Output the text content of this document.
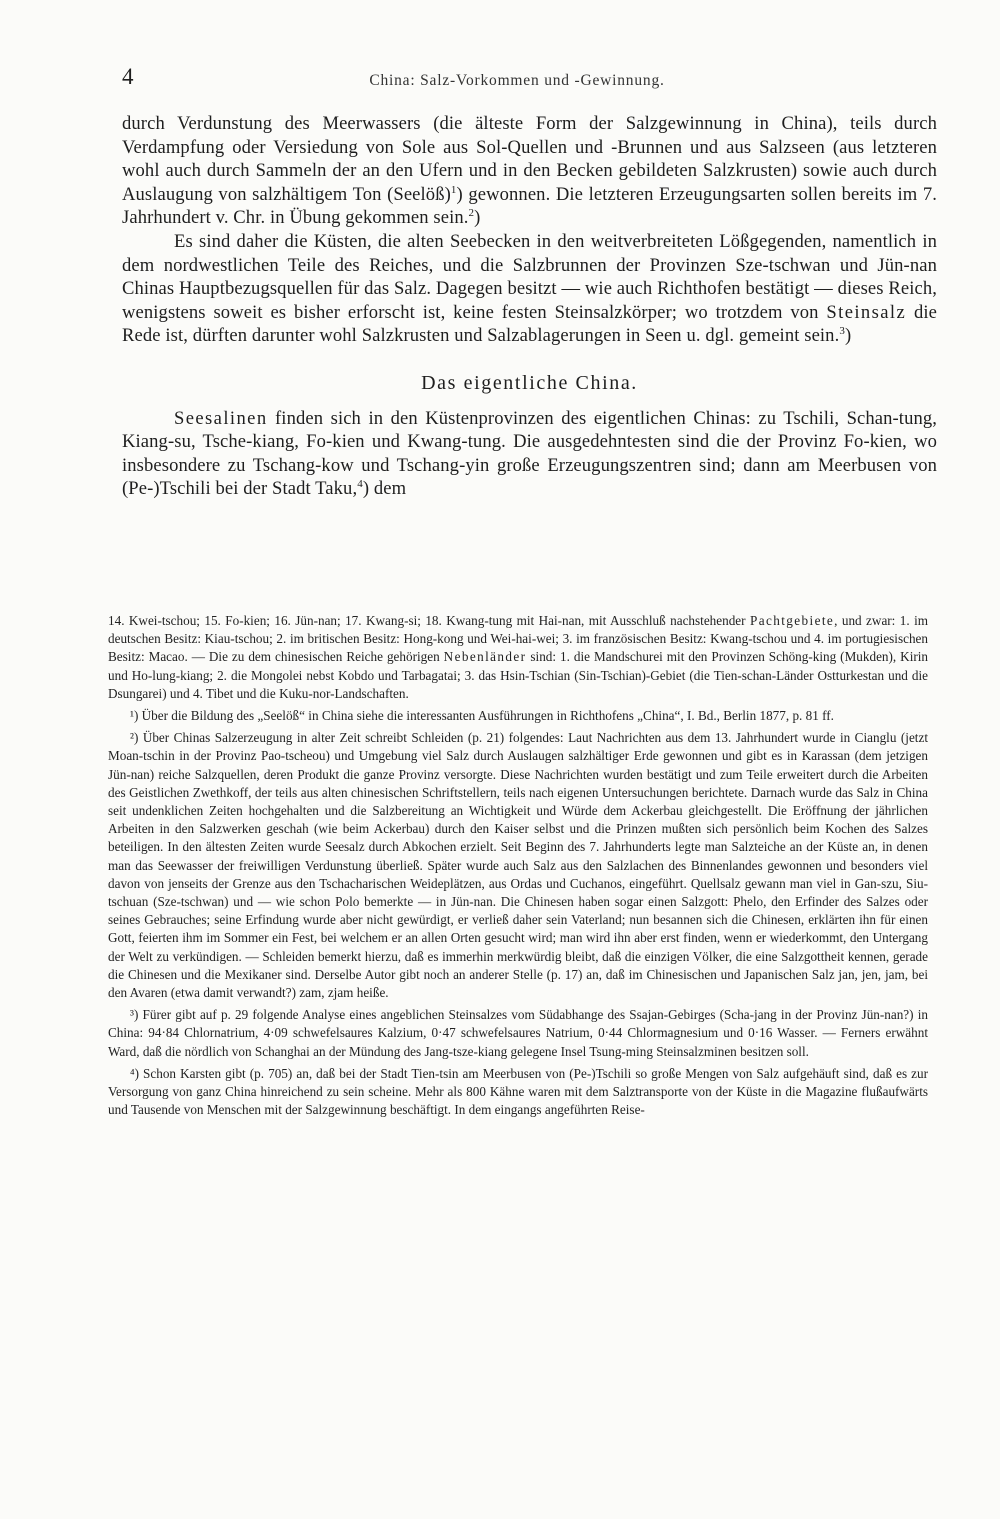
4	China: Salz-Vorkommen und -Gewinnung.

durch Verdunstung des Meerwassers (die älteste Form der Salzgewinnung in China), teils durch Verdampfung oder Versiedung von Sole aus Sol-Quellen und -Brunnen und aus Salzseen (aus letzteren wohl auch durch Sammeln der an den Ufern und in den Becken gebildeten Salzkrusten) sowie auch durch Auslaugung von salzhältigem Ton (Seelöß)$^1$) gewonnen. Die letzteren Erzeugungsarten sollen bereits im 7. Jahrhundert v. Chr. in Übung gekommen sein.$^2$)

Es sind daher die Küsten, die alten Seebecken in den weitverbreiteten Lößgegenden, namentlich in dem nordwestlichen Teile des Reiches, und die Salzbrunnen der Provinzen Sze-tschwan und Jün-nan Chinas Hauptbezugsquellen für das Salz. Dagegen besitzt — wie auch Richthofen bestätigt — dieses Reich, wenigstens soweit es bisher erforscht ist, keine festen Steinsalzkörper; wo trotzdem von Steinsalz die Rede ist, dürften darunter wohl Salzkrusten und Salzablagerungen in Seen u. dgl. gemeint sein.$^3$)

Das eigentliche China.

Seesalinen finden sich in den Küstenprovinzen des eigentlichen Chinas: zu Tschili, Schan-tung, Kiang-su, Tsche-kiang, Fo-kien und Kwang-tung. Die ausgedehntesten sind die der Provinz Fo-kien, wo insbesondere zu Tschang-kow und Tschang-yin große Erzeugungszentren sind; dann am Meerbusen von (Pe-)Tschili bei der Stadt Taku,$^4$) dem

14. Kwei-tschou; 15. Fo-kien; 16. Jün-nan; 17. Kwang-si; 18. Kwang-tung mit Hai-nan, mit Ausschluß nachstehender Pachtgebiete, und zwar: 1. im deutschen Besitz: Kiau-tschou; 2. im britischen Besitz: Hong-kong und Wei-hai-wei; 3. im französischen Besitz: Kwang-tschou und 4. im portugiesischen Besitz: Macao. — Die zu dem chinesischen Reiche gehörigen Nebenländer sind: 1. die Mandschurei mit den Provinzen Schöng-king (Mukden), Kirin und Ho-lung-kiang; 2. die Mongolei nebst Kobdo und Tarbagatai; 3. das Hsin-Tschian (Sin-Tschian)-Gebiet (die Tien-schan-Länder Ostturkestan und die Dsungarei) und 4. Tibet und die Kuku-nor-Landschaften.

¹) Über die Bildung des „Seelöß“ in China siehe die interessanten Ausführungen in Richthofens „China“, I. Bd., Berlin 1877, p. 81 ff.

²) Über Chinas Salzerzeugung in alter Zeit schreibt Schleiden (p. 21) folgendes: Laut Nachrichten aus dem 13. Jahrhundert wurde in Cianglu (jetzt Moan-tschin in der Provinz Pao-tscheou) und Umgebung viel Salz durch Auslaugen salzhältiger Erde gewonnen und gibt es in Karassan (dem jetzigen Jün-nan) reiche Salzquellen, deren Produkt die ganze Provinz versorgte. Diese Nachrichten wurden bestätigt und zum Teile erweitert durch die Arbeiten des Geistlichen Zwethkoff, der teils aus alten chinesischen Schriftstellern, teils nach eigenen Untersuchungen berichtete. Darnach wurde das Salz in China seit undenklichen Zeiten hochgehalten und die Salzbereitung an Wichtigkeit und Würde dem Ackerbau gleichgestellt. Die Eröffnung der jährlichen Arbeiten in den Salzwerken geschah (wie beim Ackerbau) durch den Kaiser selbst und die Prinzen mußten sich persönlich beim Kochen des Salzes beteiligen. In den ältesten Zeiten wurde Seesalz durch Abkochen erzielt. Seit Beginn des 7. Jahrhunderts legte man Salzteiche an der Küste an, in denen man das Seewasser der freiwilligen Verdunstung überließ. Später wurde auch Salz aus den Salzlachen des Binnenlandes gewonnen und besonders viel davon von jenseits der Grenze aus den Tschacharischen Weideplätzen, aus Ordas und Cuchanos, eingeführt. Quellsalz gewann man viel in Gan-szu, Siu-tschuan (Sze-tschwan) und — wie schon Polo bemerkte — in Jün-nan. Die Chinesen haben sogar einen Salzgott: Phelo, den Erfinder des Salzes oder seines Gebrauches; seine Erfindung wurde aber nicht gewürdigt, er verließ daher sein Vaterland; nun besannen sich die Chinesen, erklärten ihn für einen Gott, feierten ihm im Sommer ein Fest, bei welchem er an allen Orten gesucht wird; man wird ihn aber erst finden, wenn er wiederkommt, den Untergang der Welt zu verkündigen. — Schleiden bemerkt hierzu, daß es immerhin merkwürdig bleibt, daß die einzigen Völker, die eine Salzgottheit kennen, gerade die Chinesen und die Mexikaner sind. Derselbe Autor gibt noch an anderer Stelle (p. 17) an, daß im Chinesischen und Japanischen Salz jan, jen, jam, bei den Avaren (etwa damit verwandt?) zam, zjam heiße.

³) Fürer gibt auf p. 29 folgende Analyse eines angeblichen Steinsalzes vom Südabhange des Ssajan-Gebirges (Scha-jang in der Provinz Jün-nan?) in China: 94·84 Chlornatrium, 4·09 schwefelsaures Kalzium, 0·47 schwefelsaures Natrium, 0·44 Chlormagnesium und 0·16 Wasser. — Ferners erwähnt Ward, daß die nördlich von Schanghai an der Mündung des Jang-tsze-kiang gelegene Insel Tsung-ming Steinsalzminen besitzen soll.

⁴) Schon Karsten gibt (p. 705) an, daß bei der Stadt Tien-tsin am Meerbusen von (Pe-)Tschili so große Mengen von Salz aufgehäuft sind, daß es zur Versorgung von ganz China hinreichend zu sein scheine. Mehr als 800 Kähne waren mit dem Salztransporte von der Küste in die Magazine flußaufwärts und Tausende von Menschen mit der Salzgewinnung beschäftigt. In dem eingangs angeführten Reise-
